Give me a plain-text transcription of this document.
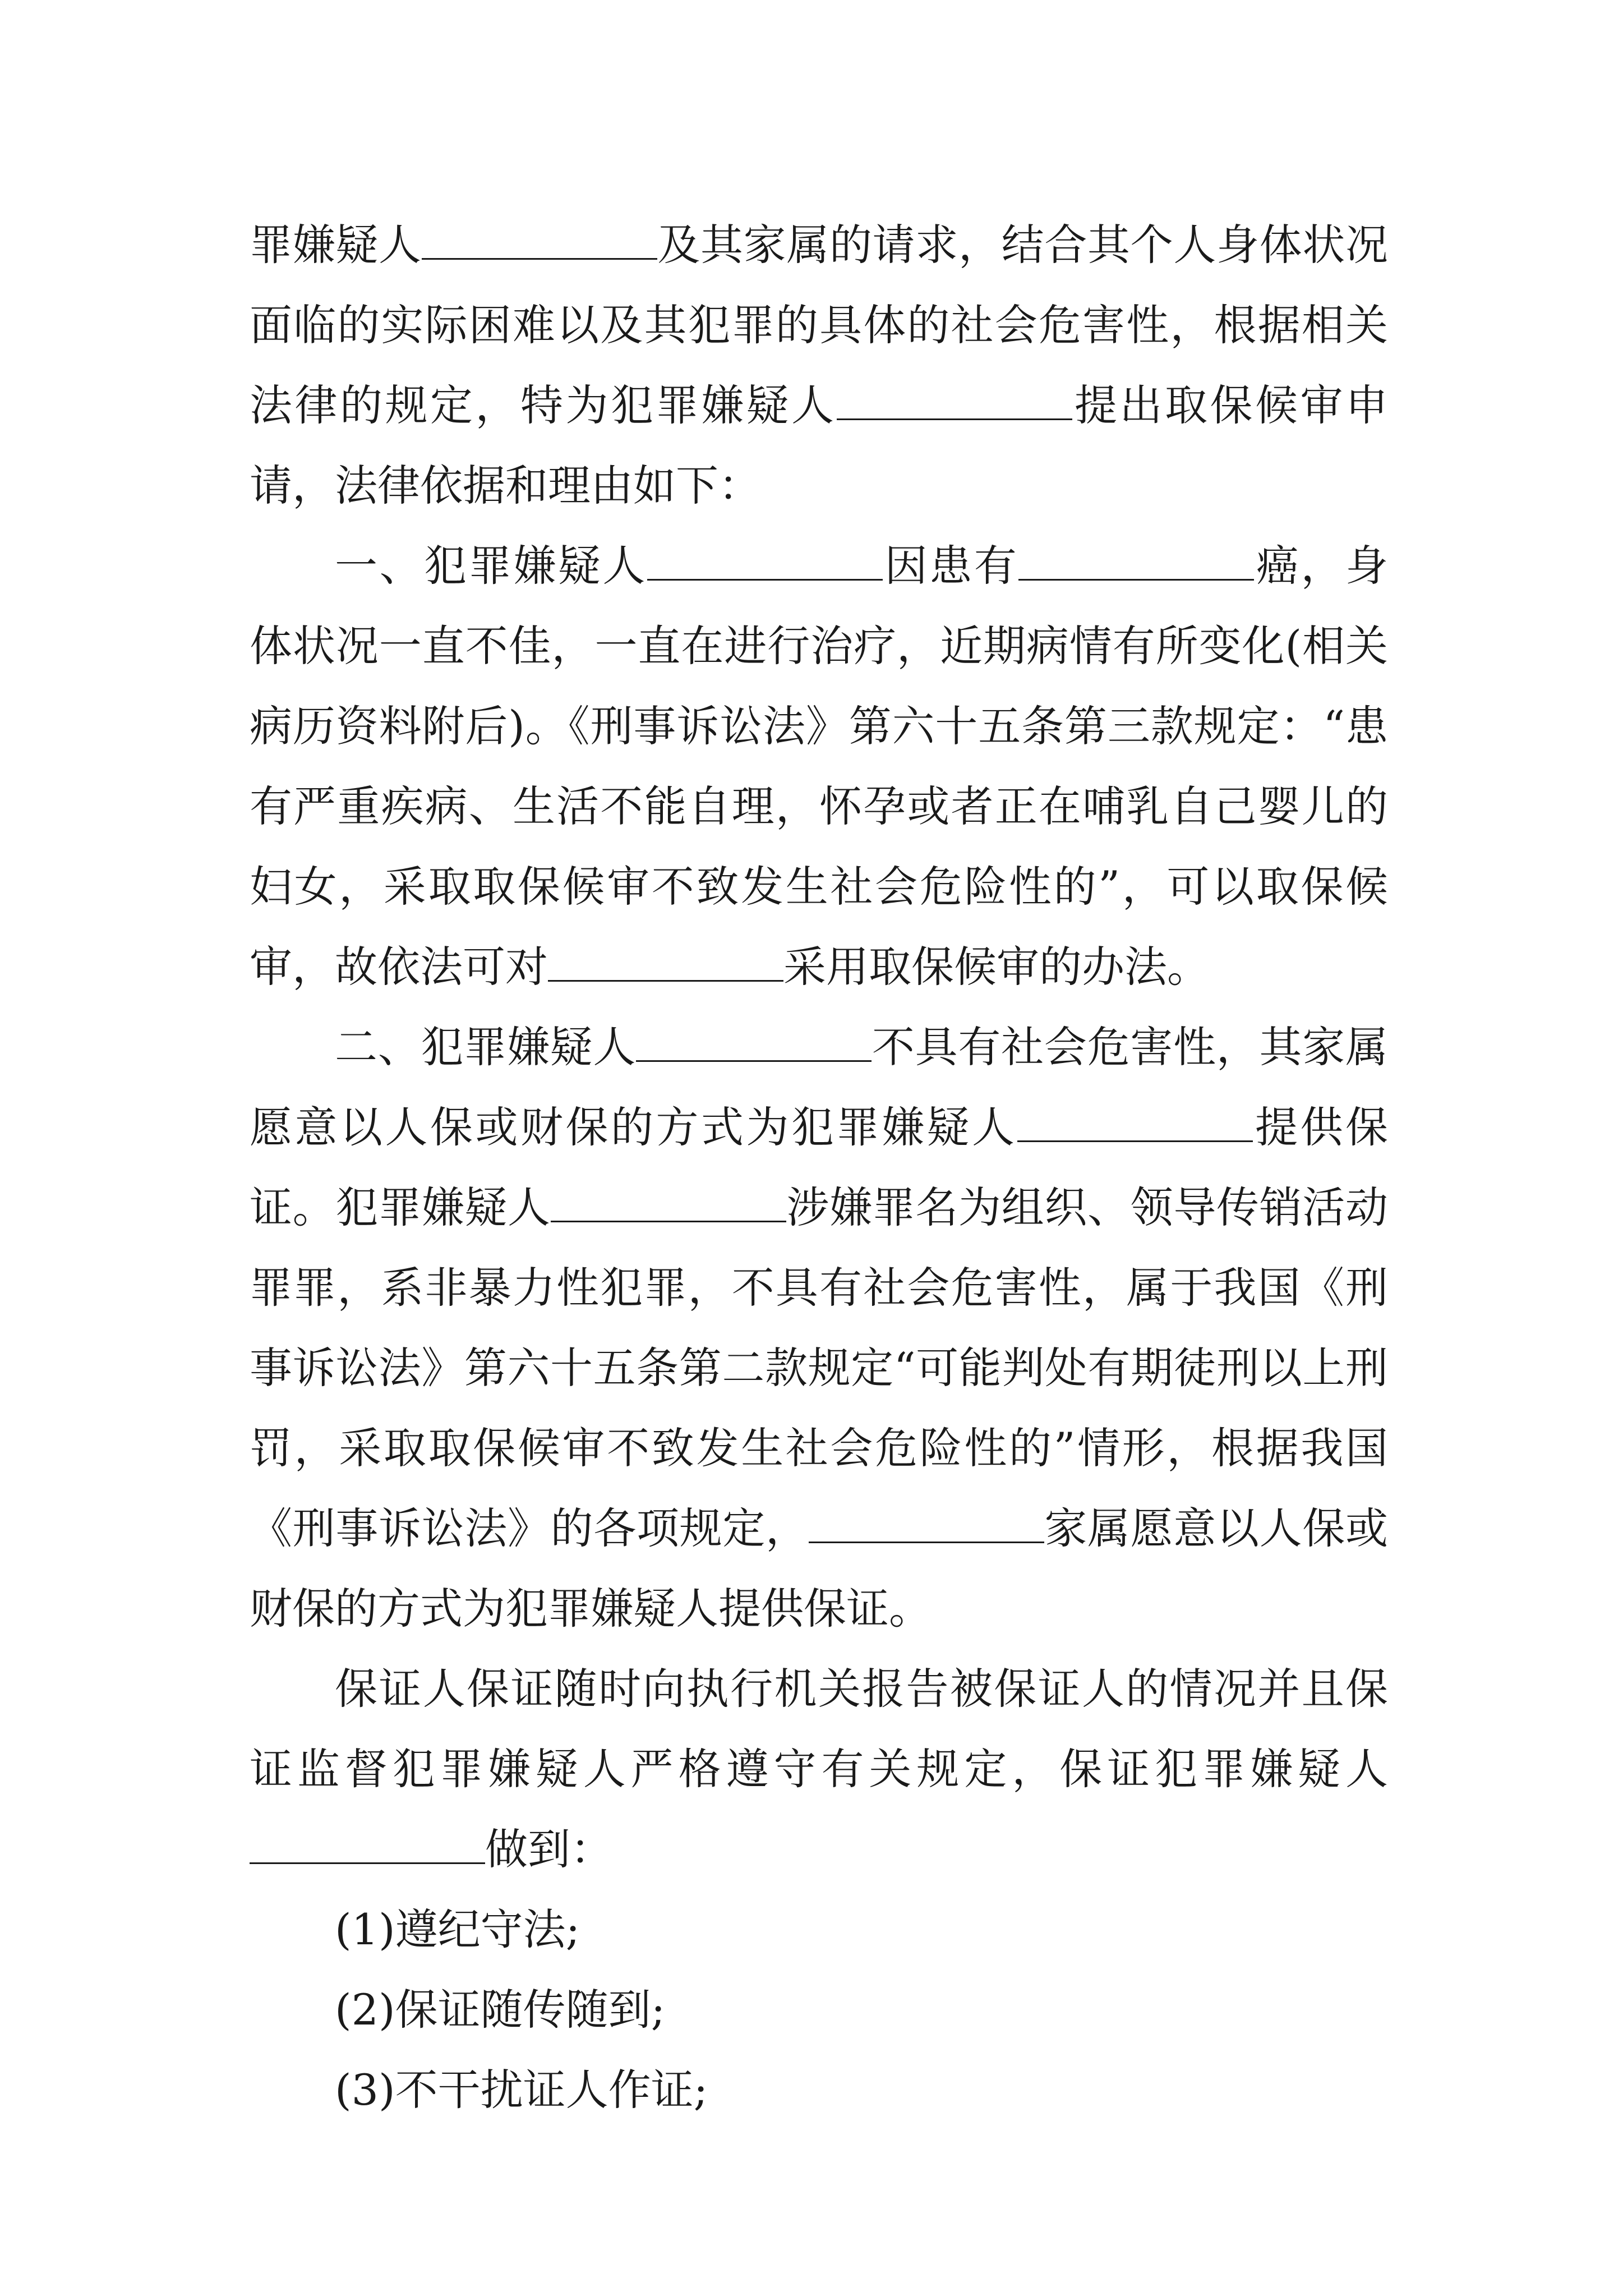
罪嫌疑人	及其家属的请求，结合其个人身体状况面临的实际困难以及其犯罪的具体的社会危害性，根据相关法律的规定，特为犯罪嫌疑人	提出取保候审申请，法律依据和理由如下：

一、犯罪嫌疑人	因患有	癌，身体状况一直不佳，一直在进行治疗，近期病情有所变化(相关病历资料附后)。《刑事诉讼法》第六十五条第三款规定：“患有严重疾病、生活不能自理，怀孕或者正在哺乳自己婴儿的妇女，采取取保候审不致发生社会危险性的”，可以取保候审，故依法可对	采用取保候审的办法。

二、犯罪嫌疑人	不具有社会危害性，其家属愿意以人保或财保的方式为犯罪嫌疑人	提供保证。犯罪嫌疑人	涉嫌罪名为组织、领导传销活动罪罪，系非暴力性犯罪，不具有社会危害性，属于我国《刑事诉讼法》第六十五条第二款规定“可能判处有期徒刑以上刑罚，采取取保候审不致发生社会危险性的”情形，根据我国《刑事诉讼法》的各项规定，	家属愿意以人保或财保的方式为犯罪嫌疑人提供保证。

保证人保证随时向执行机关报告被保证人的情况并且保证监督犯罪嫌疑人严格遵守有关规定，保证犯罪嫌疑人做到：

(1)遵纪守法;

(2)保证随传随到;

(3)不干扰证人作证;
